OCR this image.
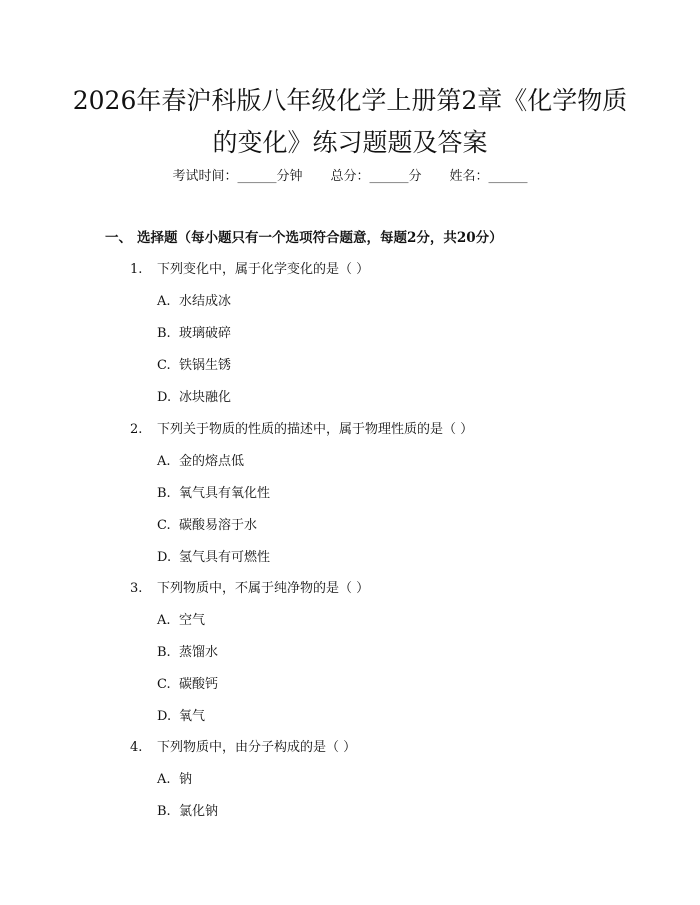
2026年春沪科版八年级化学上册第2章《化学物质的变化》练习题题及答案
考试时间：______分钟 总分：______分 姓名：______
一、 选择题（每小题只有一个选项符合题意，每题2分，共20分）
1. 下列变化中，属于化学变化的是（ ）
A. 水结成冰
B. 玻璃破碎
C. 铁锅生锈
D. 冰块融化
2. 下列关于物质的性质的描述中，属于物理性质的是（ ）
A. 金的熔点低
B. 氧气具有氧化性
C. 碳酸易溶于水
D. 氢气具有可燃性
3. 下列物质中，不属于纯净物的是（ ）
A. 空气
B. 蒸馏水
C. 碳酸钙
D. 氧气
4. 下列物质中，由分子构成的是（ ）
A. 钠
B. 氯化钠
